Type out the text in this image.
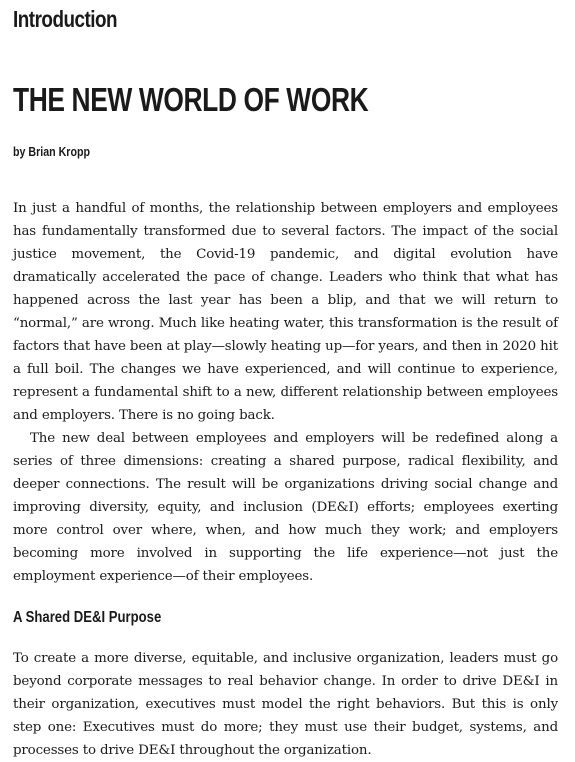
Introduction
THE NEW WORLD OF WORK

by Brian Kropp

In just a handful of months, the relationship between employers and employees has fundamentally transformed due to several factors. The impact of the social justice movement, the Covid-19 pandemic, and digital evolution have dramatically accelerated the pace of change. Leaders who think that what has happened across the last year has been a blip, and that we will return to “normal,” are wrong. Much like heating water, this transformation is the result of factors that have been at play—slowly heating up—for years, and then in 2020 hit a full boil. The changes we have experienced, and will continue to experience, represent a fundamental shift to a new, different relationship between employees and employers. There is no going back.

The new deal between employees and employers will be redefined along a series of three dimensions: creating a shared purpose, radical flexibility, and deeper connections. The result will be organizations driving social change and improving diversity, equity, and inclusion (DE&I) efforts; employees exerting more control over where, when, and how much they work; and employers becoming more involved in supporting the life experience—not just the employment experience—of their employees.

A Shared DE&I Purpose

To create a more diverse, equitable, and inclusive organization, leaders must go beyond corporate messages to real behavior change. In order to drive DE&I in their organization, executives must model the right behaviors. But this is only step one: Executives must do more; they must use their budget, systems, and processes to drive DE&I throughout the organization.
